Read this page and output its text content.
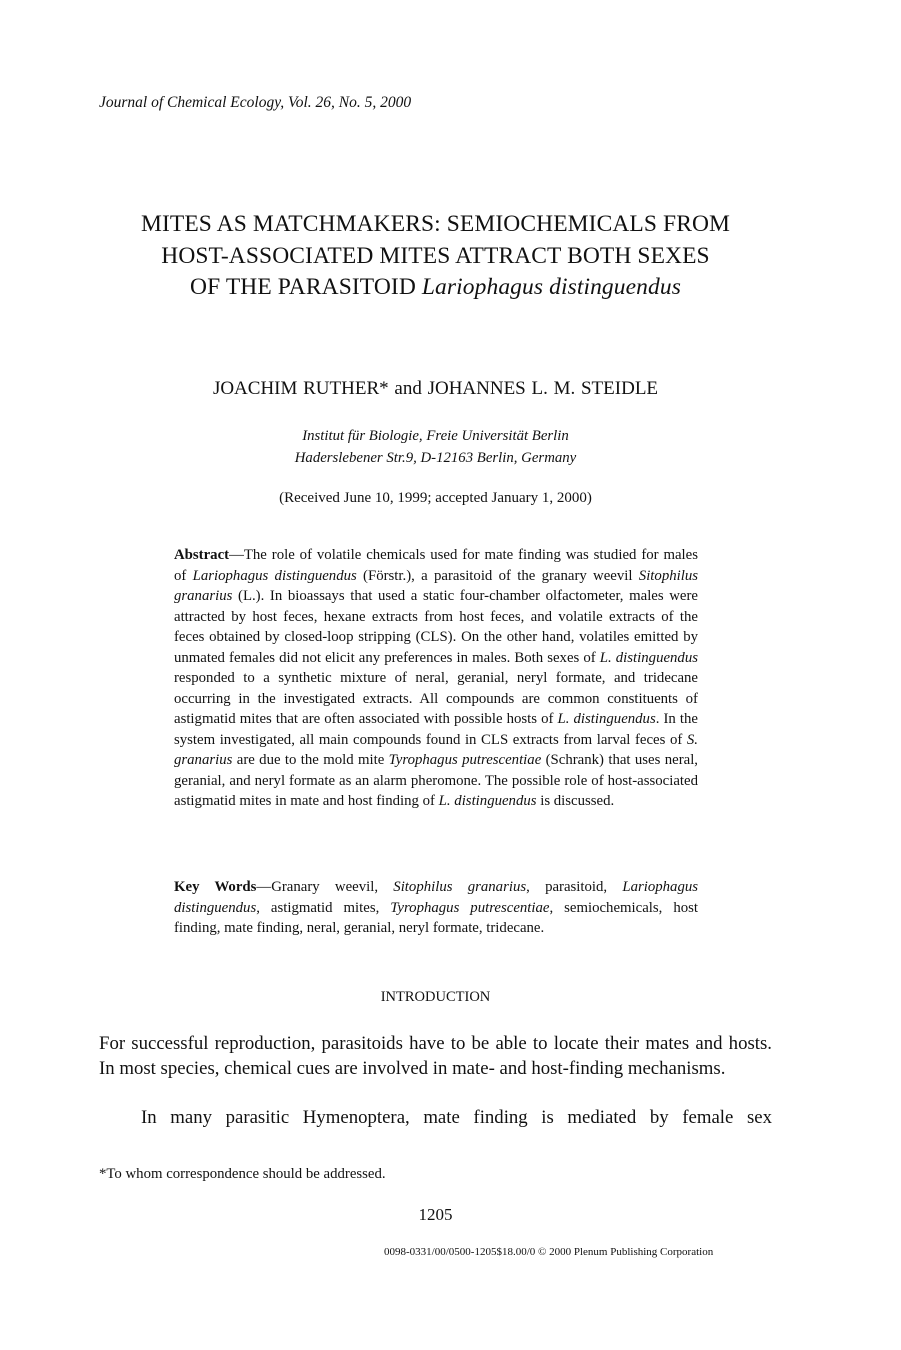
Journal of Chemical Ecology, Vol. 26, No. 5, 2000
MITES AS MATCHMAKERS: SEMIOCHEMICALS FROM
HOST-ASSOCIATED MITES ATTRACT BOTH SEXES
OF THE PARASITOID Lariophagus distinguendus
JOACHIM RUTHER* and JOHANNES L. M. STEIDLE
Institut für Biologie, Freie Universität Berlin
Haderslebener Str.9, D-12163 Berlin, Germany
(Received June 10, 1999; accepted January 1, 2000)
Abstract—The role of volatile chemicals used for mate finding was studied for males of Lariophagus distinguendus (Förstr.), a parasitoid of the granary weevil Sitophilus granarius (L.). In bioassays that used a static four-chamber olfactometer, males were attracted by host feces, hexane extracts from host feces, and volatile extracts of the feces obtained by closed-loop stripping (CLS). On the other hand, volatiles emitted by unmated females did not elicit any preferences in males. Both sexes of L. distinguendus responded to a synthetic mixture of neral, geranial, neryl formate, and tridecane occurring in the investigated extracts. All compounds are common constituents of astigmatid mites that are often associated with possible hosts of L. distinguendus. In the system investigated, all main compounds found in CLS extracts from larval feces of S. granarius are due to the mold mite Tyrophagus putrescentiae (Schrank) that uses neral, geranial, and neryl formate as an alarm pheromone. The possible role of host-associated astigmatid mites in mate and host finding of L. distinguendus is discussed.
Key Words—Granary weevil, Sitophilus granarius, parasitoid, Lariophagus distinguendus, astigmatid mites, Tyrophagus putrescentiae, semiochemicals, host finding, mate finding, neral, geranial, neryl formate, tridecane.
INTRODUCTION
For successful reproduction, parasitoids have to be able to locate their mates and hosts. In most species, chemical cues are involved in mate- and host-finding mechanisms.
In many parasitic Hymenoptera, mate finding is mediated by female sex
*To whom correspondence should be addressed.
1205
0098-0331/00/0500-1205$18.00/0 © 2000 Plenum Publishing Corporation
